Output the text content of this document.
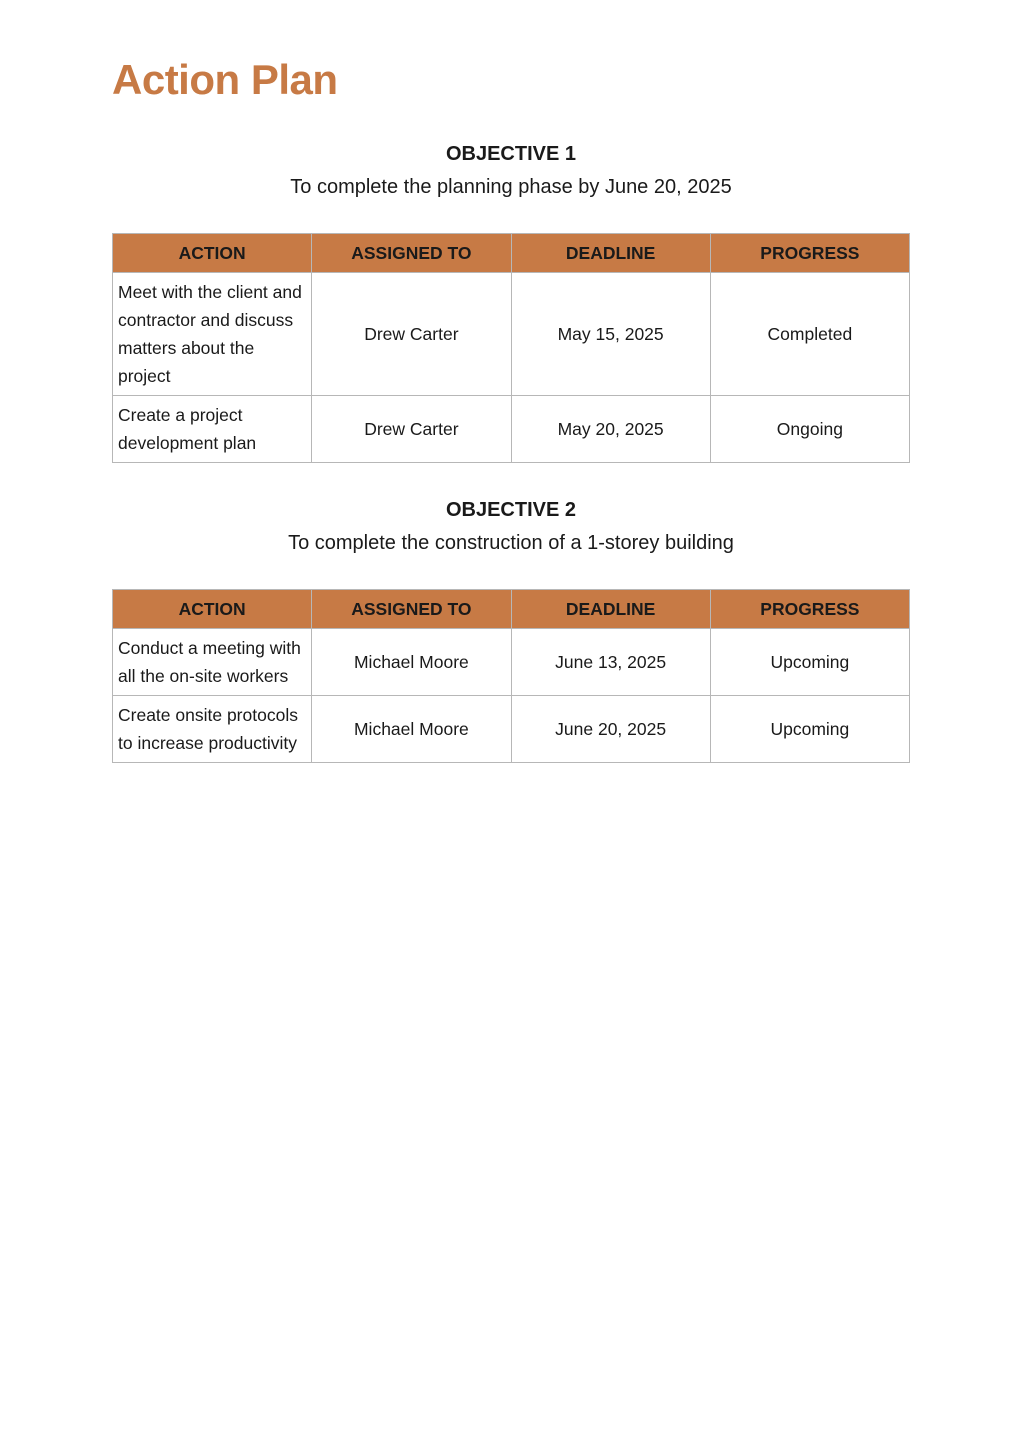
Action Plan
OBJECTIVE 1
To complete the planning phase by June 20, 2025
ACTION	ASSIGNED TO	DEADLINE	PROGRESS
Meet with the client and contractor and discuss matters about the project	Drew Carter	May 15, 2025	Completed
Create a project development plan	Drew Carter	May 20, 2025	Ongoing
OBJECTIVE 2
To complete the construction of a 1-storey building
ACTION	ASSIGNED TO	DEADLINE	PROGRESS
Conduct a meeting with all the on-site workers	Michael Moore	June 13, 2025	Upcoming
Create onsite protocols to increase productivity	Michael Moore	June 20, 2025	Upcoming
